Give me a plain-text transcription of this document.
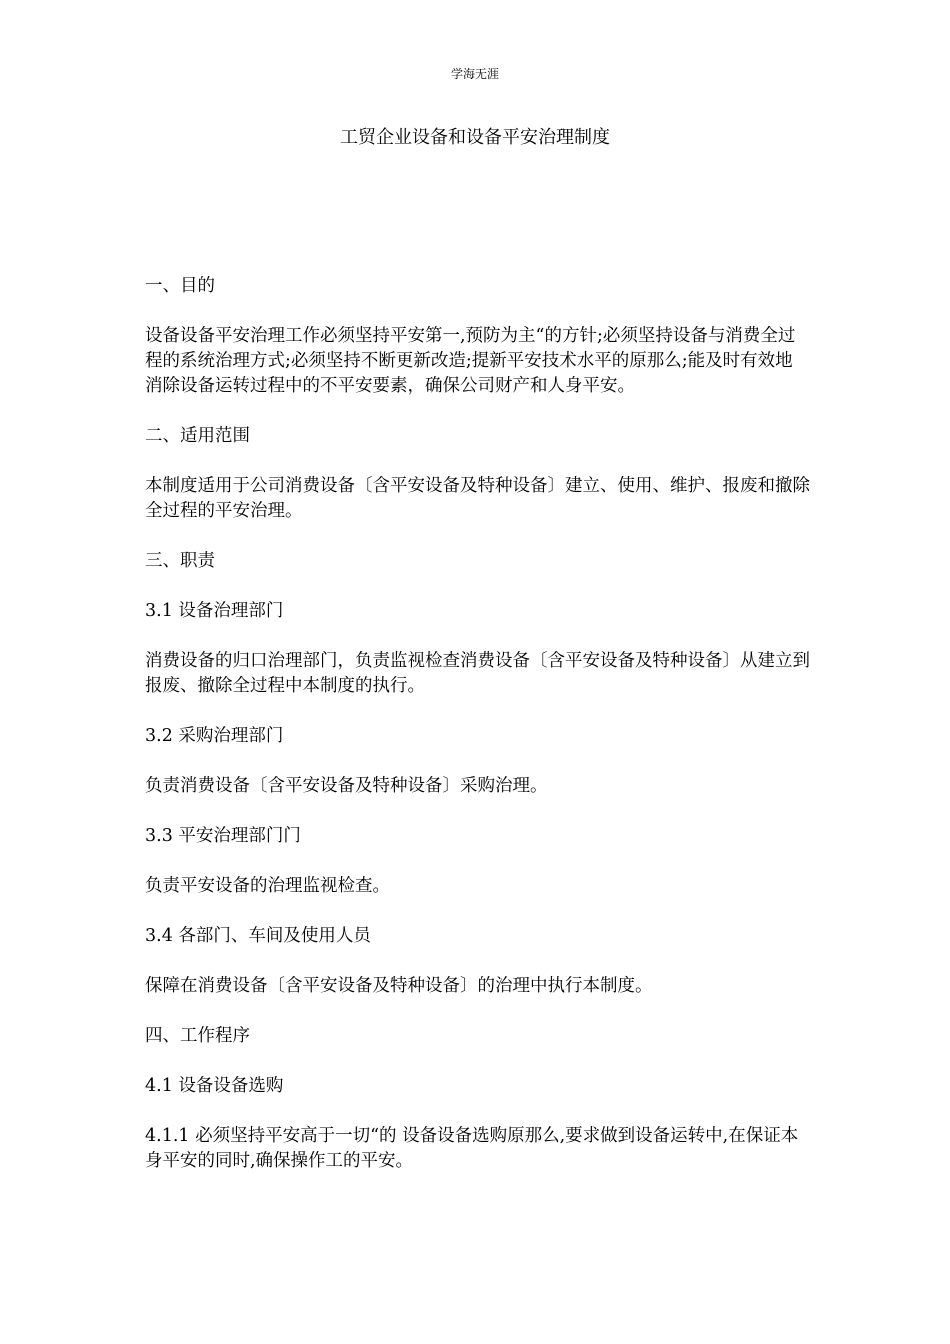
学海无涯
工贸企业设备和设备平安治理制度

一、目的

设备设备平安治理工作必须坚持平安第一,预防为主“的方针;必须坚持设备与消费全过程的系统治理方式;必须坚持不断更新改造;提新平安技术水平的原那么;能及时有效地消除设备运转过程中的不平安要素，确保公司财产和人身平安。

二、适用范围

本制度适用于公司消费设备〔含平安设备及特种设备〕建立、使用、维护、报废和撤除全过程的平安治理。

三、职责

3.1 设备治理部门

消费设备的归口治理部门，负责监视检查消费设备〔含平安设备及特种设备〕从建立到报废、撤除全过程中本制度的执行。

3.2 采购治理部门

负责消费设备〔含平安设备及特种设备〕采购治理。

3.3 平安治理部门门

负责平安设备的治理监视检查。

3.4 各部门、车间及使用人员

保障在消费设备〔含平安设备及特种设备〕的治理中执行本制度。

四、工作程序

4.1 设备设备选购

4.1.1 必须坚持平安高于一切“的 设备设备选购原那么,要求做到设备运转中,在保证本身平安的同时,确保操作工的平安。
